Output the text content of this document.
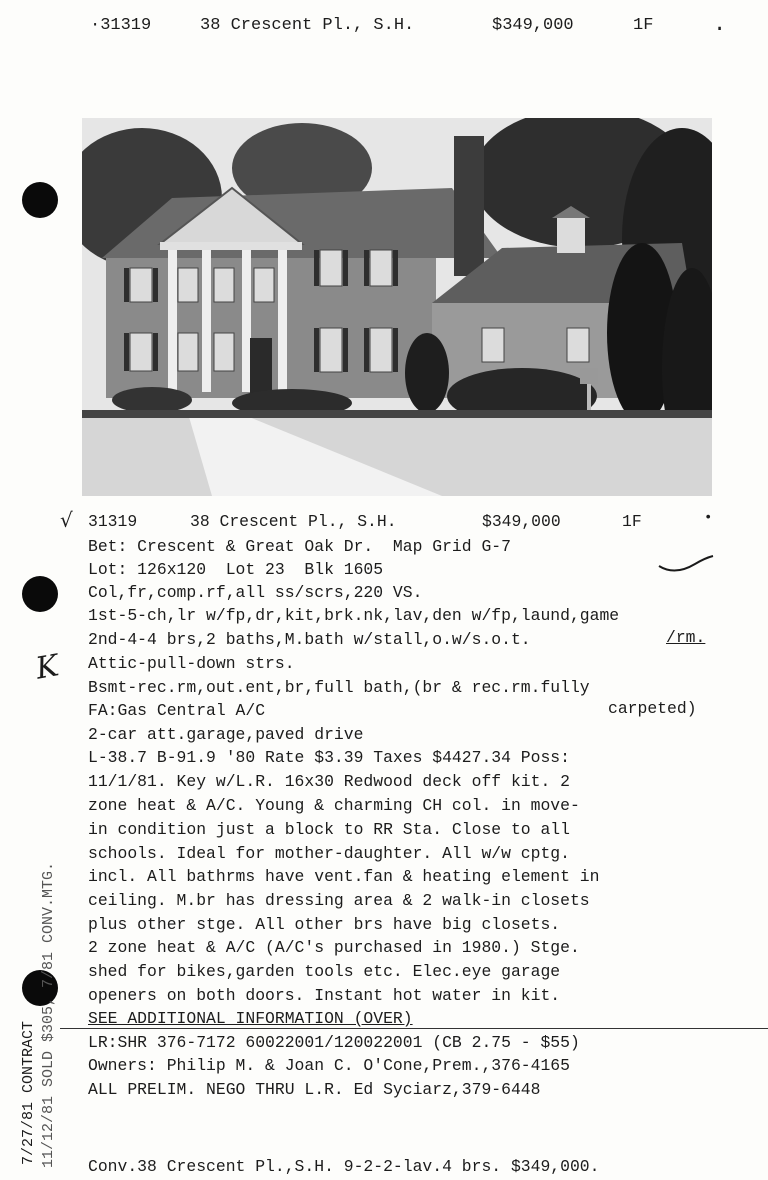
·31319	38 Crescent Pl., S.H.	$349,000	1F	.
√ 31319	38 Crescent Pl., S.H.	$349,000	1F	•
Bet: Crescent & Great Oak Dr.  Map Grid G-7
Lot: 126x120  Lot 23  Blk 1605
Col,fr,comp.rf,all ss/scrs,220 VS.
1st-5-ch,lr w/fp,dr,kit,brk.nk,lav,den w/fp,laund,game
2nd-4-4 brs,2 baths,M.bath w/stall,o.w/s.o.t.	/rm.
Attic-pull-down strs.
Bsmt-rec.rm,out.ent,br,full bath,(br & rec.rm.fully
FA:Gas Central A/C	carpeted)
2-car att.garage,paved drive
L-38.7 B-91.9 '80 Rate $3.39 Taxes $4427.34 Poss:
11/1/81. Key w/L.R. 16x30 Redwood deck off kit. 2
zone heat & A/C. Young & charming CH col. in move-
in condition just a block to RR Sta. Close to all
schools. Ideal for mother-daughter. All w/w cptg.
incl. All bathrms have vent.fan & heating element in
ceiling. M.br has dressing area & 2 walk-in closets
plus other stge. All other brs have big closets.
2 zone heat & A/C (A/C's purchased in 1980.) Stge.
shed for bikes,garden tools etc. Elec.eye garage
openers on both doors. Instant hot water in kit.
SEE ADDITIONAL INFORMATION (OVER)
LR:SHR 376-7172 60022001/120022001 (CB 2.75 - $55)
Owners: Philip M. & Joan C. O'Cone,Prem.,376-4165
ALL PRELIM. NEGO THRU L.R. Ed Syciarz,379-6448
K
7/27/81 CONTRACT 11/12/81 SOLD $305, 7/81 CONV.MTG. Conv.38 Crescent Pl.,S.H. 9-2-2-lav.4 brs. $349,000.
